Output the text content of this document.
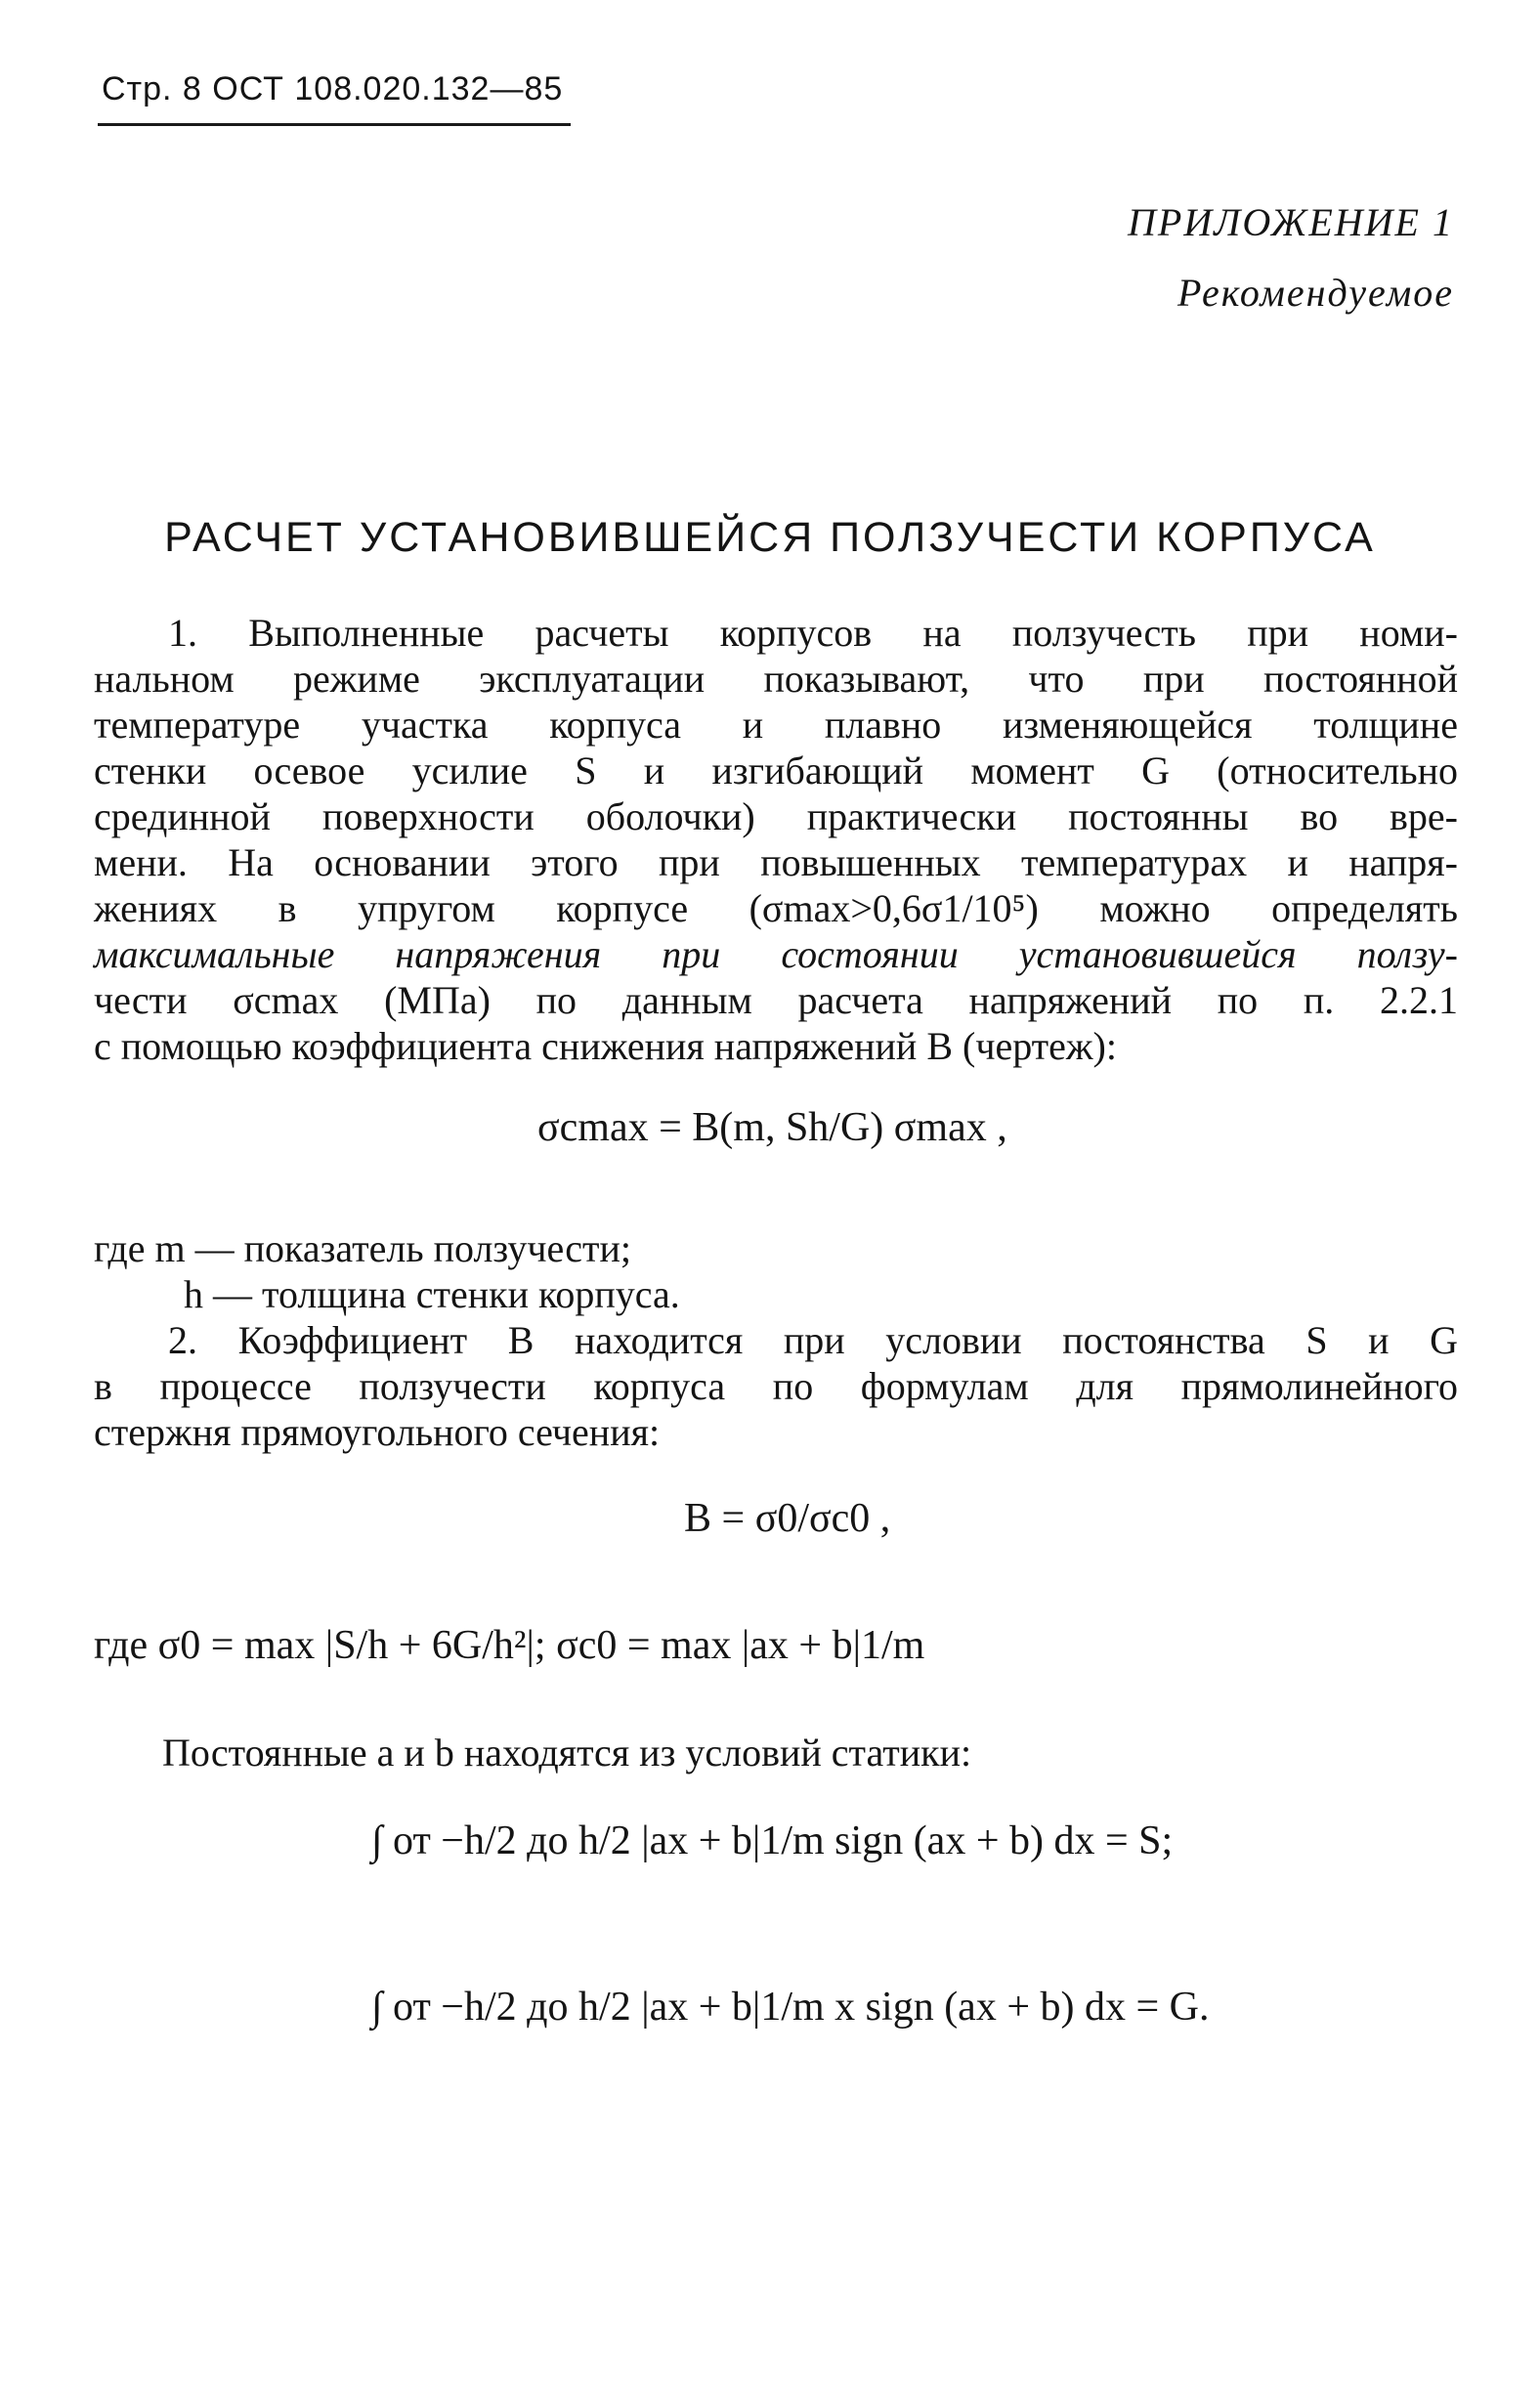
Стр. 8 ОСТ 108.020.132—85
ПРИЛОЖЕНИЕ 1
Рекомендуемое
РАСЧЕТ УСТАНОВИВШЕЙСЯ ПОЛЗУЧЕСТИ КОРПУСА
1. Выполненные расчеты корпусов на ползучесть при номи-
нальном режиме эксплуатации показывают, что при постоянной
температуре участка корпуса и плавно изменяющейся толщине
стенки осевое усилие S и изгибающий момент G (относительно
срединной поверхности оболочки) практически постоянны во вре-
мени. На основании этого при повышенных температурах и напря-
жениях в упругом корпусе (σmax>0,6σ1/10⁵) можно определять
максимальные напряжения при состоянии установившейся ползу-
чести σcmax (МПа) по данным расчета напряжений по п. 2.2.1
с помощью коэффициента снижения напряжений B (чертеж):
σcmax = B(m, Sh/G) σmax ,
где m — показатель ползучести;
h — толщина стенки корпуса.
2. Коэффициент B находится при условии постоянства S и G
в процессе ползучести корпуса по формулам для прямолинейного
стержня прямоугольного сечения:
B = σ0/σc0 ,
где σ0 = max |S/h + 6G/h²|; σc0 = max |ax + b|1/m
Постоянные a и b находятся из условий статики:
∫ от −h/2 до h/2 |ax + b|1/m sign (ax + b) dx = S;
∫ от −h/2 до h/2 |ax + b|1/m x sign (ax + b) dx = G.
